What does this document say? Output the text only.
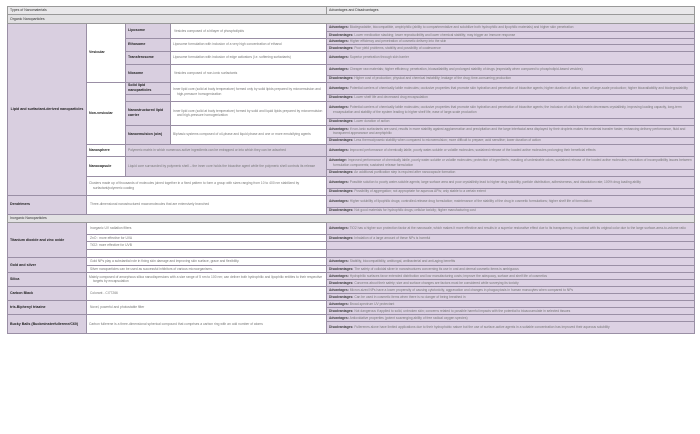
Types of Nanomaterials				Advantages and Disadvantages
Organic Nanoparticles				
Lipid and surfactant-derived nanoparticles	Vesicular	Liposome	Vesicles composed of a bilayer of phospholipids	Advantages: Biodegradable, biocompatible, amphiphilic (ability to compartmentalize and solubilize both hydrophilic and lipophilic materials) and higher skin penetration
				Disadvantages: Lower medication stacking; lower reproducibility and lower chemical stability; may trigger an immune response
		Ethosome	Liposome formulation with inclusion of a very high concentration of ethanol	Advantages: Higher efficiency and penetration of cosmetic delivery into the skin
				Disadvantages: Poor yield problems, stability and possibility of coalescence
		Transferosome	Liposome formulation with inclusion of edge activators (i.e. softening surfactants)	Advantages: Superior penetration through skin barrier
		Niosome	Vesicles composed of non-ionic surfactants	Advantages: Cheaper raw materials; higher efficiency, penetration, bioavailability and prolonged stability of drugs (especially when compared to phospholipid-based vesicles)
				Disadvantages: Higher cost of production; physical and chemical instability; leakage of the drug; time-consuming production
	Non-vesicular	Solid lipid nanoparticles	Inner lipid core (solid at body temperature) formed only by solid lipids prepared by microemulsion and high-pressure homogenization	Advantages: Potential carriers of chemically labile molecules; occlusive properties that promote skin hydration and penetration of bioactive agents; higher duration of action, ease of large-scale production; higher bioavailability and biodegradability
				Disadvantages: Lower shelf life and decreased drug encapsulation
		Nanostructured lipid carrier	Inner lipid core (solid at body temperature) formed by solid and liquid lipids prepared by microemulsion and high-pressure homogenization	Advantages: Potential carriers of chemically labile molecules; occlusive properties that promote skin hydration and penetration of bioactive agents; the inclusion of oils in lipid matrix decreases crystallinity, improving loading capacity, long-term encapsulation and stability of the system leading to higher shelf life, ease of large-scale production
				Disadvantages: Lower duration of action
		Nanoemulsion (o/w)	Biphasic systems composed of oil-phase and liquid phase and one or more emulsifying agents	Advantages: If non-ionic surfactants are used, results in more stability against agglomeration and precipitation and the large interfacial area displayed by their droplets makes the material transfer faster, enhancing delivery performance, fluid and transparent appearance and amphiphilic
				Disadvantages: Less thermodynamic stability when compared to microemulsion; more difficult to prepare; acid sensitive; lower duration of action
	Nanosphere	Polymeric matrix in which numerous active ingredients can be entrapped or into which they can be adsorbed		Advantages: Improved performance of chemically labile, poorly water-soluble or volatile molecules; sustained release of the loaded active molecules prolonging their beneficial effects
	Nanocapsule	Liquid core surrounded by polymeric shell – the inner core holds the bioactive agent while the polymeric shell controls its release		Advantage: Improved performance of chemically labile, poorly water-soluble or volatile molecules; protection of ingredients, masking of undesirable odors; sustained release of the loaded active molecules; resolution of incompatibility issues between formulation components; sustained release formulation
				Disadvantages: An additional purification step is required after nanocapsule formation
	Clusters made up of thousands of molecules joined together in a fixed pattern to form a group with sizes ranging from 10 to 400 nm stabilized by surfactant/polymeric coating			Advantages: Possible solution to poorly water-soluble agents; large surface area and poor crystallinity lead to higher drug solubility, particle distribution, adhesiveness, and dissolution rate; 100% drug loading ability
				Disadvantages: Possibility of aggregation; not appropriate for aqueous APIs; only stable to a certain extent
Dendrimers	Three-dimensional nanostructured macromolecules that are extensively branched			Advantages: Higher solubility of lipophilic drugs; controlled-release drug formulation; maintenance of the stability of the drug in cosmetic formulations; higher shelf life of formulation
				Disadvantages: Not good materials for hydrophilic drugs; cellular toxicity; higher manufacturing cost
Inorganic Nanoparticles				
Titanium dioxide and zinc oxide	Inorganic UV radiation filters			Advantages: TiO2 has a higher sun protection factor at the nanoscale, which makes it more effective and results in a superior restorative effect due to its transparency, in contrast with its original color due to the large surface-area-to-volume ratio
	ZnO : more effective for UVA			Disadvantages: Inhalation of a large amount of these NPs is harmful
	TiO2: more effective for UVB			

Gold and silver	Gold NPs play a substantial role in fixing skin damage and improving skin surface, grace and flexibility.			Advantages: Stability, biocompatibility, antifungal, antibacterial and anti-aging benefits
	Silver nanoparticles can be used as successful inhibitors of various microorganisms.			Disadvantages: The safety of colloidal silver in nanostructures concerning its use in oral and dermal cosmetic items is ambiguous
Silica	Mainly composed of amorphous silica nanodispersions with a size range of 5 nm to 100 nm; can deliver both hydrophilic and lipophilic entities to their respective targets by encapsulation			Advantages: Hydrophilic surfaces favor extended distribution and low manufacturing costs; improve the adequacy, surface and shelf life of cosmetics
				Disadvantages: Concerns about their safety; size and surface changes are factors must be considered while surveying its toxicity
Carbon Black	Colorant - CI77266			Advantages: Micron-sized NPs have a lower propensity of causing cytotoxicity, aggravation and changes in phagocytosis in human monocytes when compared to NPs
				Disadvantages: Can be used in cosmetic items when there is no danger of being breathed in
tris-Biphenyl triazine	Novel, powerful and photostable filter			Advantages: Broad-spectrum UV protectant
				Disadvantages: Not dangerous if applied to solid, unbroken skin; concerns related to possible harmful impacts with the potential to bioaccumulate in selected tissues
Bucky Balls (Buckminsterfullerene/C60)	Carbon fullerene is a three-dimensional spherical compound that comprises a carbon ring with an odd number of atoms			Advantages: Antioxidative properties (potent scavenging ability of free radical oxygen species)
				Disadvantages: Fullerenes alone have limited applications due to their hydrophobic nature but the use of surface-active agents in a suitable concentration has improved their aqueous solubility
